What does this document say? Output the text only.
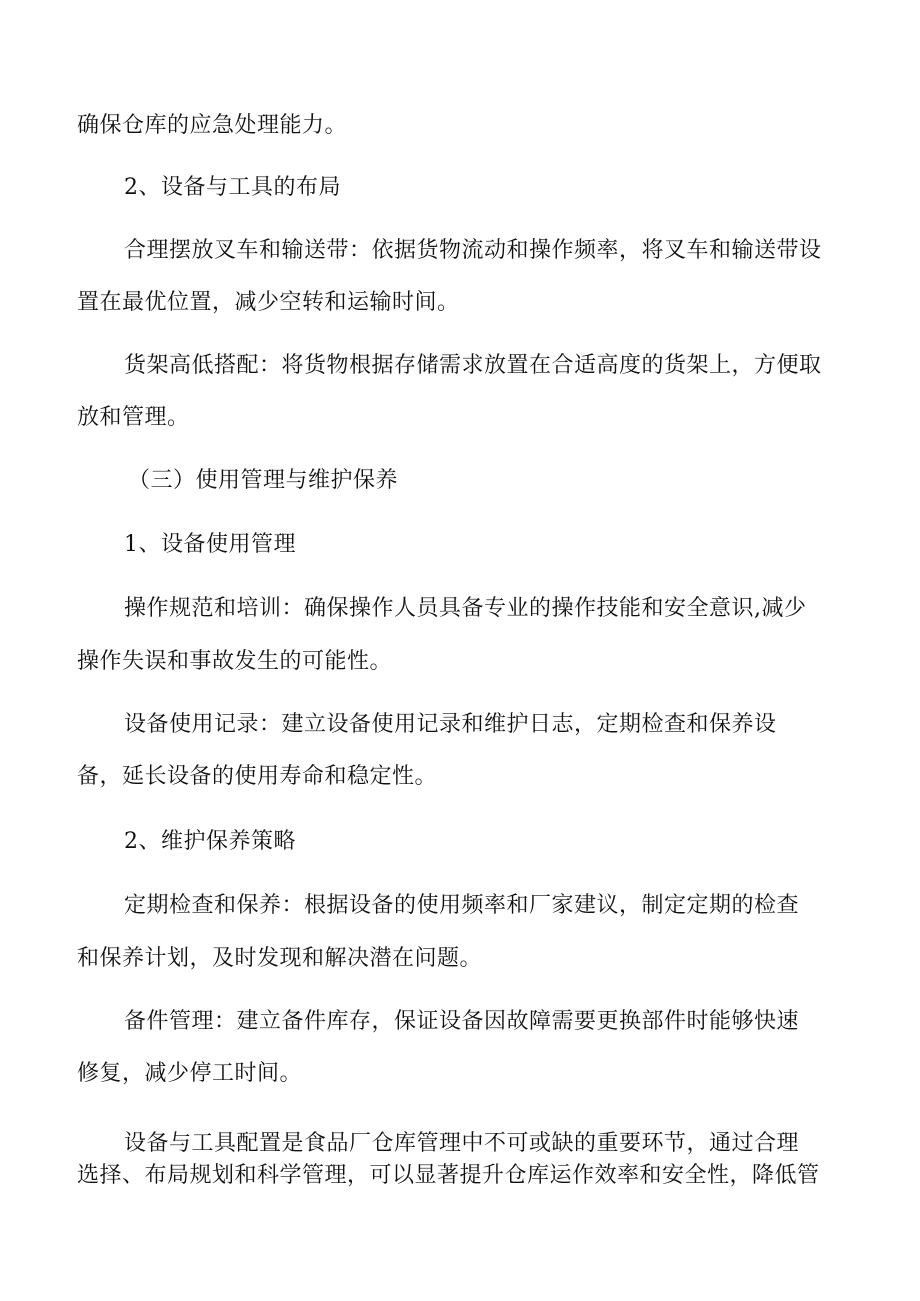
确保仓库的应急处理能力。

2、设备与工具的布局

合理摆放叉车和输送带：依据货物流动和操作频率，将叉车和输送带设

置在最优位置，减少空转和运输时间。

货架高低搭配：将货物根据存储需求放置在合适高度的货架上，方便取

放和管理。

（三）使用管理与维护保养

1、设备使用管理

操作规范和培训：确保操作人员具备专业的操作技能和安全意识,减少

操作失误和事故发生的可能性。

设备使用记录：建立设备使用记录和维护日志，定期检查和保养设

备，延长设备的使用寿命和稳定性。

2、维护保养策略

定期检查和保养：根据设备的使用频率和厂家建议，制定定期的检查

和保养计划，及时发现和解决潜在问题。

备件管理：建立备件库存，保证设备因故障需要更换部件时能够快速

修复，减少停工时间。

设备与工具配置是食品厂仓库管理中不可或缺的重要环节，通过合理

选择、布局规划和科学管理，可以显著提升仓库运作效率和安全性，降低管
